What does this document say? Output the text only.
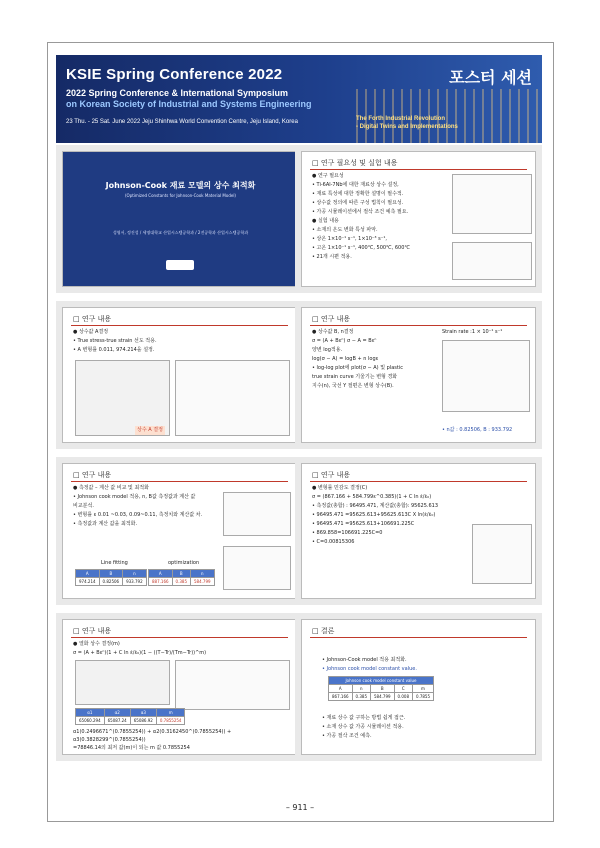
KSIE Spring Conference 2022
2022 Spring Conference & International Symposium
on Korean Society of Industrial and Systems Engineering
23 Thu. - 25 Sat. June 2022 Jeju Shinhwa World Convention Centre, Jeju Island, Korea	The Forth Industrial Revolution
- Digital Twins and Implementations
포스터 세션
Johnson-Cook 재료 모델의 상수 최적화
(Optimized Constants for Johnson-Cook Material Model)
성영서, 정진성 / 세명대학교 산업시스템공학과 / 2전공학과 산업시스템공학과
□ 연구 필요성 및 실험 내용
● 연구 필요성
• Ti-6Al-7Nb에 대한 재료상 상수 설정,
• 재료 특성에 대한 정확한 설명이 필수적.
• 상수값 정의에 따른 구성 법칙이 필요성.
• 가공 시뮬레이션에서 절삭 조건 예측 필요.
● 실험 내용
• 소재의 온도 변화 특성 파악.
• 상온 1×10⁻¹ s⁻¹, 1×10⁻³ s⁻¹,
• 고온 1×10⁻¹ s⁻¹, 400℃, 500℃, 600℃
• 21개 시편 적용.
□ 연구 내용
● 상수값 A결정
• True stress-true strain 선도 적용.
• A 변형률 0.011, 974.214을 설정.
상수 A 결정
□ 연구 내용
● 상수값 B, n결정
σ = (A + Bεⁿ) σ − A = Bεⁿ
양변 log적용.
log(σ − A) = logB + n logε
• log-log plot에 plot(σ − A) 및 plastic
true strain curve 기울기는 변형 경화
지수(n), 국선 Y 절편은 변형 상수(B).
Strain rate :1 × 10⁻¹ s⁻¹
• n값 : 0.82506, B : 933.792
□ 연구 내용
● 측정값 – 계산 값 비교 및 최적화
• Johnson cook model 적용, n, B값 측정값과 계산 값
비교분석.
• 변형률 ε 0.01 ~0.03, 0.09~0.11, 측정치와 계산값 차.
• 측정값과 계산 값을 최적화.
Line fitting	optimization
A	B	n
974.214	0.82506	933.792
A	B	n
887.166	0.385	584.799
□ 연구 내용
● 변형률 민감도 결정(C)
σ = (867.166 + 584.799ε^0.385)(1 + C ln ε̇/ε̇₀)
• 측정값(총합) : 96495.471, 계산값(총합): 95625.613
• 96495.471 =95625.613+95625.613C X ln(ε̇/ε̇₀)
• 96495.471 =95625.613+106691.225C
• 869.858=106691.225C=0
• C=0.00815306
□ 연구 내용
● 열화 상수 결정(m)
σ = (A + Bεⁿ)(1 + C ln ε̇/ε̇₀)(1 − ((T−Tr)/(Tm−Tr))^m)
α1	α2	α3	m
65060.294	65087.24	65086.92	0.7855254
α1(0.2496671^(0.7855254)) + α2(0.3162450^(0.7855254)) + α3(0.3828299^(0.7855254))
=78846.14의 최저 값(m)이 되는 m 값 0.7855254
□ 결론
• Johnson-Cook model 적용 최적화.
• Johnson cook model constant value.
Johnson cook model constant value				
A	n	B	C	m
867.166	0.385	584.799	0.008	0.7855
• 재료 상수 값 구하는 방법 쉽게 접근.
• 소재 상수 값 가공 시뮬레이션 적용.
• 가공 절삭 조건 예측.
– 911 –
